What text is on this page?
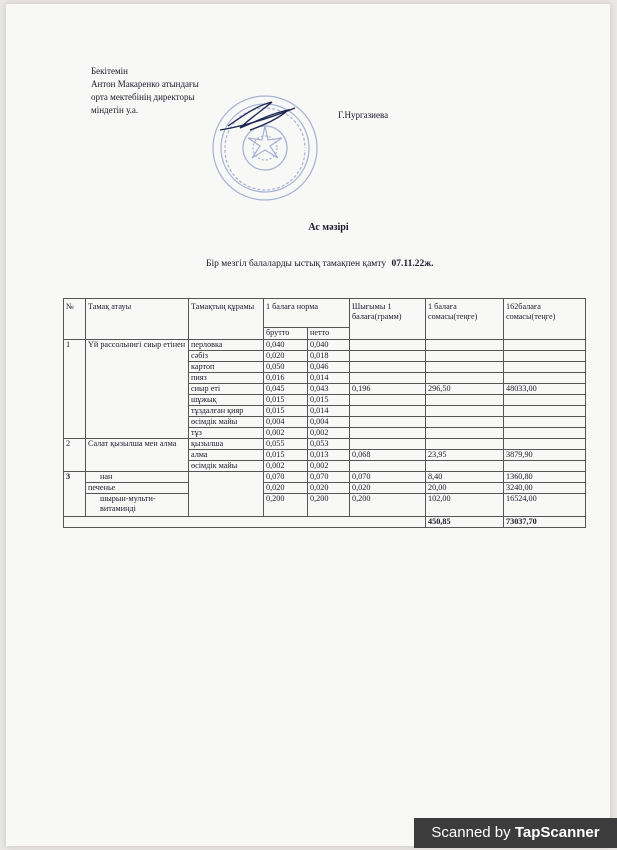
Бекітемін
Антон Макаренко атындағы
орта мектебінің директоры
міндетін у.а.	Г.Нургазиева
Ас мәзірі
Бір мезгіл балаларды ыстық тамақпен қамту 07.11.22ж.
№	Тамақ атауы	Тамақтың құрамы	1 балаға норма		Шығымы 1 балаға(грамм)	1 балаға сомасы(теңге)	162балаға сомасы(теңге)
			брутто	нетто			
1	Үй рассольнигі сиыр етінен	перловка	0,040	0,040			
		сәбіз	0,020	0,018			
		картоп	0,050	0,046			
		пияз	0,016	0,014			
		сиыр еті	0,045	0,043	0,196	296,50	48033,00
		шұжық	0,015	0,015			
		тұздалған қияр	0,015	0,014			
		өсімдік майы	0,004	0,004			
		тұз	0,002	0,002			
2	Салат қызылша мен алма	қызылша	0,055	0,053			
		алма	0,015	0,013	0,068	23,95	3879,90
		өсімдік майы	0,002	0,002			
3	нан		0,070	0,070	0,070	8,40	1360,80
	печенье		0,020	0,020	0,020	20,00	3240,00
	шырын-мульти-витаминді		0,200	0,200	0,200	102,00	16524,00
						450,85	73037,70
Scanned by TapScanner
